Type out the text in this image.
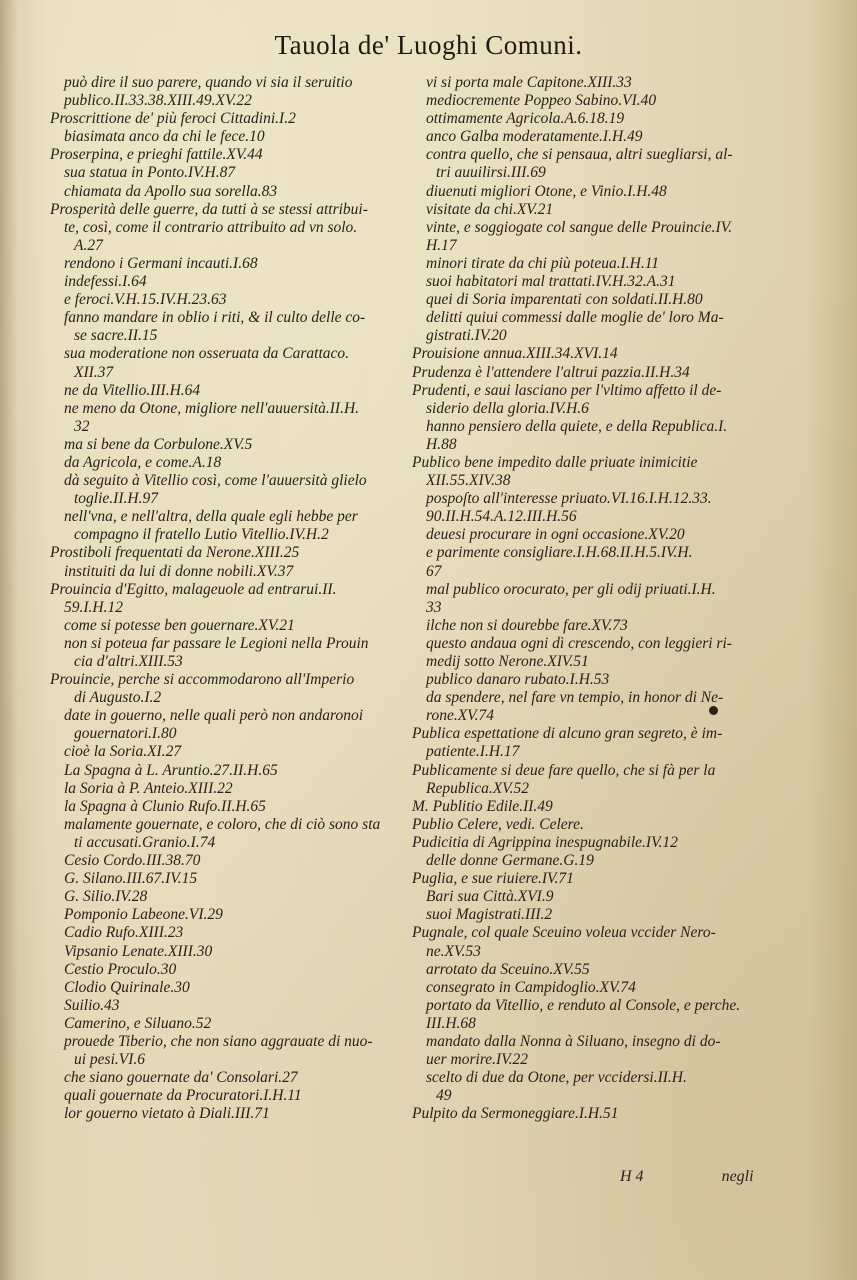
Tauola de' Luoghi Comuni.
può dire il suo parere, quando vi sia il seruitio
publico.II.33.38.XIII.49.XV.22
Proscrittione de' più feroci Cittadini.I.2
biasimata anco da chi le fece.10
Proserpina, e prieghi fattile.XV.44
sua statua in Ponto.IV.H.87
chiamata da Apollo sua sorella.83
Prosperità delle guerre, da tutti à se stessi attribui-
te, così, come il contrario attribuito ad vn solo.
A.27
rendono i Germani incauti.I.68
indefessi.I.64
e feroci.V.H.15.IV.H.23.63
fanno mandare in oblio i riti, & il culto delle co-
se sacre.II.15
sua moderatione non osseruata da Carattaco.
XII.37
ne da Vitellio.III.H.64
ne meno da Otone, migliore nell'auuersità.II.H.
32
ma si bene da Corbulone.XV.5
da Agricola, e come.A.18
dà seguito à Vitellio così, come l'auuersità glielo
toglie.II.H.97
nell'vna, e nell'altra, della quale egli hebbe per
compagno il fratello Lutio Vitellio.IV.H.2
Prostiboli frequentati da Nerone.XIII.25
instituiti da lui di donne nobili.XV.37
Prouincia d'Egitto, malageuole ad entrarui.II.
59.I.H.12
come si potesse ben gouernare.XV.21
non si poteua far passare le Legioni nella Prouin
cia d'altri.XIII.53
Prouincie, perche si accommodarono all'Imperio
di Augusto.I.2
date in gouerno, nelle quali però non andaronoi
gouernatori.I.80
cioè la Soria.XI.27
La Spagna à L. Aruntio.27.II.H.65
la Soria à P. Anteio.XIII.22
la Spagna à Clunio Rufo.II.H.65
malamente gouernate, e coloro, che di ciò sono sta
ti accusati.Granio.I.74
Cesio Cordo.III.38.70
G. Silano.III.67.IV.15
G. Silio.IV.28
Pomponio Labeone.VI.29
Cadio Rufo.XIII.23
Vipsanio Lenate.XIII.30
Cestio Proculo.30
Clodio Quirinale.30
Suilio.43
Camerino, e Siluano.52
prouede Tiberio, che non siano aggrauate di nuo-
ui pesi.VI.6
che siano gouernate da' Consolari.27
quali gouernate da Procuratori.I.H.11
lor gouerno vietato à Diali.III.71
vi si porta male Capitone.XIII.33
mediocremente Poppeo Sabino.VI.40
ottimamente Agricola.A.6.18.19
anco Galba moderatamente.I.H.49
contra quello, che si pensaua, altri suegliarsi, al-
tri auuilirsi.III.69
diuenuti migliori Otone, e Vinio.I.H.48
visitate da chi.XV.21
vinte, e soggiogate col sangue delle Prouincie.IV.
H.17
minori tirate da chi più poteua.I.H.11
suoi habitatori mal trattati.IV.H.32.A.31
quei di Soria imparentati con soldati.II.H.80
delitti quiui commessi dalle moglie de' loro Ma-
gistrati.IV.20
Prouisione annua.XIII.34.XVI.14
Prudenza è l'attendere l'altrui pazzia.II.H.34
Prudenti, e saui lasciano per l'vltimo affetto il de-
siderio della gloria.IV.H.6
hanno pensiero della quiete, e della Republica.I.
H.88
Publico bene impedito dalle priuate inimicitie
XII.55.XIV.38
pospoſto all'interesse priuato.VI.16.I.H.12.33.
90.II.H.54.A.12.III.H.56
deuesi procurare in ogni occasione.XV.20
e parimente consigliare.I.H.68.II.H.5.IV.H.
67
mal publico orocurato, per gli odij priuati.I.H.
33
ilche non si dourebbe fare.XV.73
questo andaua ogni dì crescendo, con leggieri ri-
medij sotto Nerone.XIV.51
publico danaro rubato.I.H.53
da spendere, nel fare vn tempio, in honor di Ne-
rone.XV.74
Publica espettatione di alcuno gran segreto, è im-
patiente.I.H.17
Publicamente si deue fare quello, che si fà per la
Republica.XV.52
M. Publitio Edile.II.49
Publio Celere, vedi. Celere.
Pudicitia di Agrippina inespugnabile.IV.12
delle donne Germane.G.19
Puglia, e sue riuiere.IV.71
Bari sua Città.XVI.9
suoi Magistrati.III.2
Pugnale, col quale Sceuino voleua vccider Nero-
ne.XV.53
arrotato da Sceuino.XV.55
consegrato in Campidoglio.XV.74
portato da Vitellio, e renduto al Console, e perche.
III.H.68
mandato dalla Nonna à Siluano, insegno di do-
uer morire.IV.22
scelto di due da Otone, per vccidersi.II.H.
49
Pulpito da Sermoneggiare.I.H.51
H 4	negli
